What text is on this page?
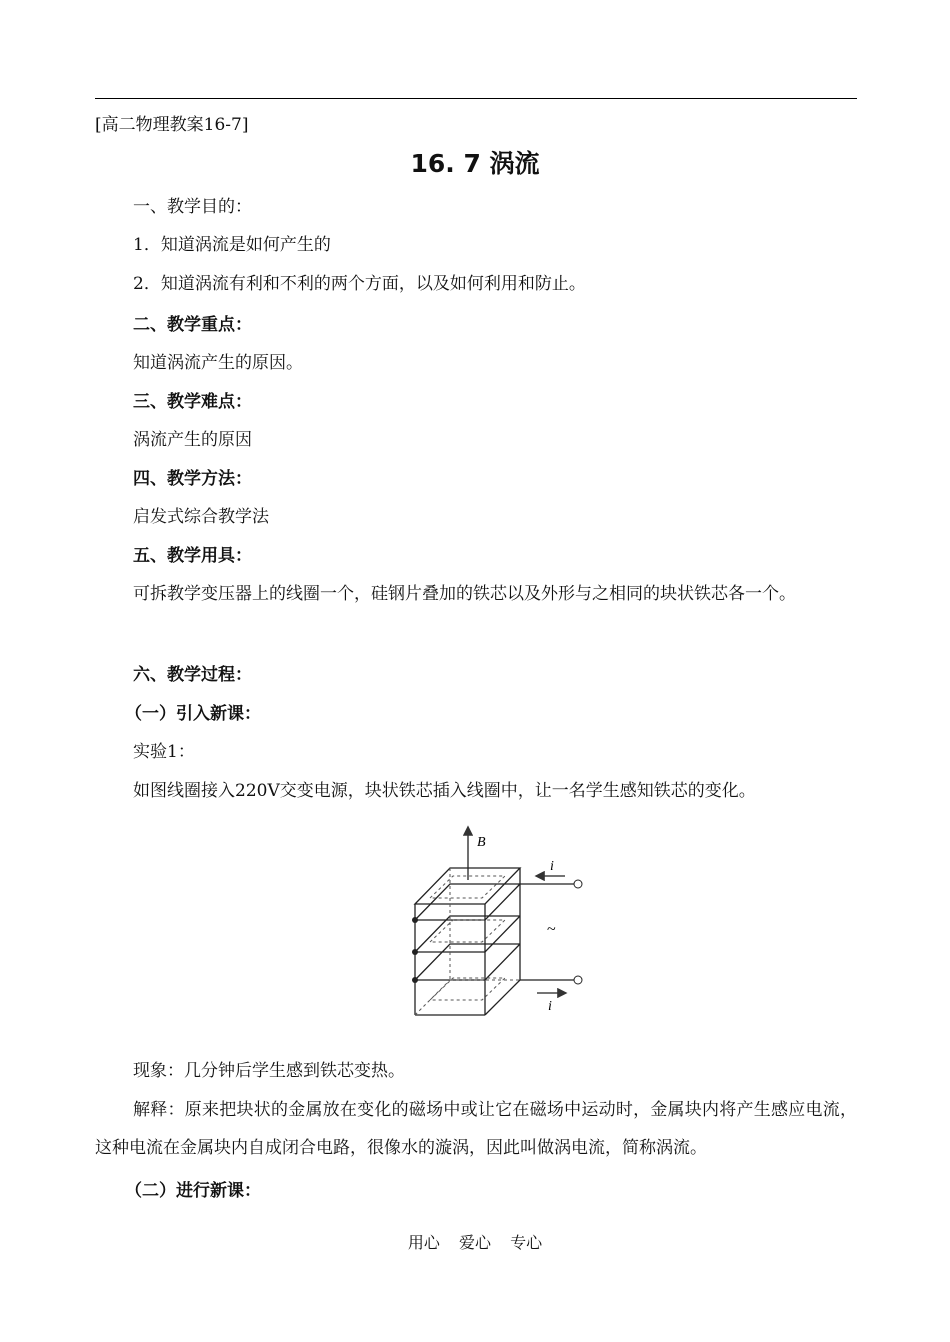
[高二物理教案16-7]
16. 7 涡流
一、教学目的：
1．知道涡流是如何产生的
2．知道涡流有利和不利的两个方面，以及如何利用和防止。
二、教学重点：
知道涡流产生的原因。
三、教学难点：
涡流产生的原因
四、教学方法：
启发式综合教学法
五、教学用具：
可拆教学变压器上的线圈一个，硅钢片叠加的铁芯以及外形与之相同的块状铁芯各一个。
六、教学过程：
（一）引入新课：
实验1：
如图线圈接入220V交变电源，块状铁芯插入线圈中，让一名学生感知铁芯的变化。
B
i
~
i
现象：几分钟后学生感到铁芯变热。
解释：原来把块状的金属放在变化的磁场中或让它在磁场中运动时，金属块内将产生感应电流，这种电流在金属块内自成闭合电路，很像水的漩涡，因此叫做涡电流，简称涡流。
（二）进行新课：
用心 爱心 专心
